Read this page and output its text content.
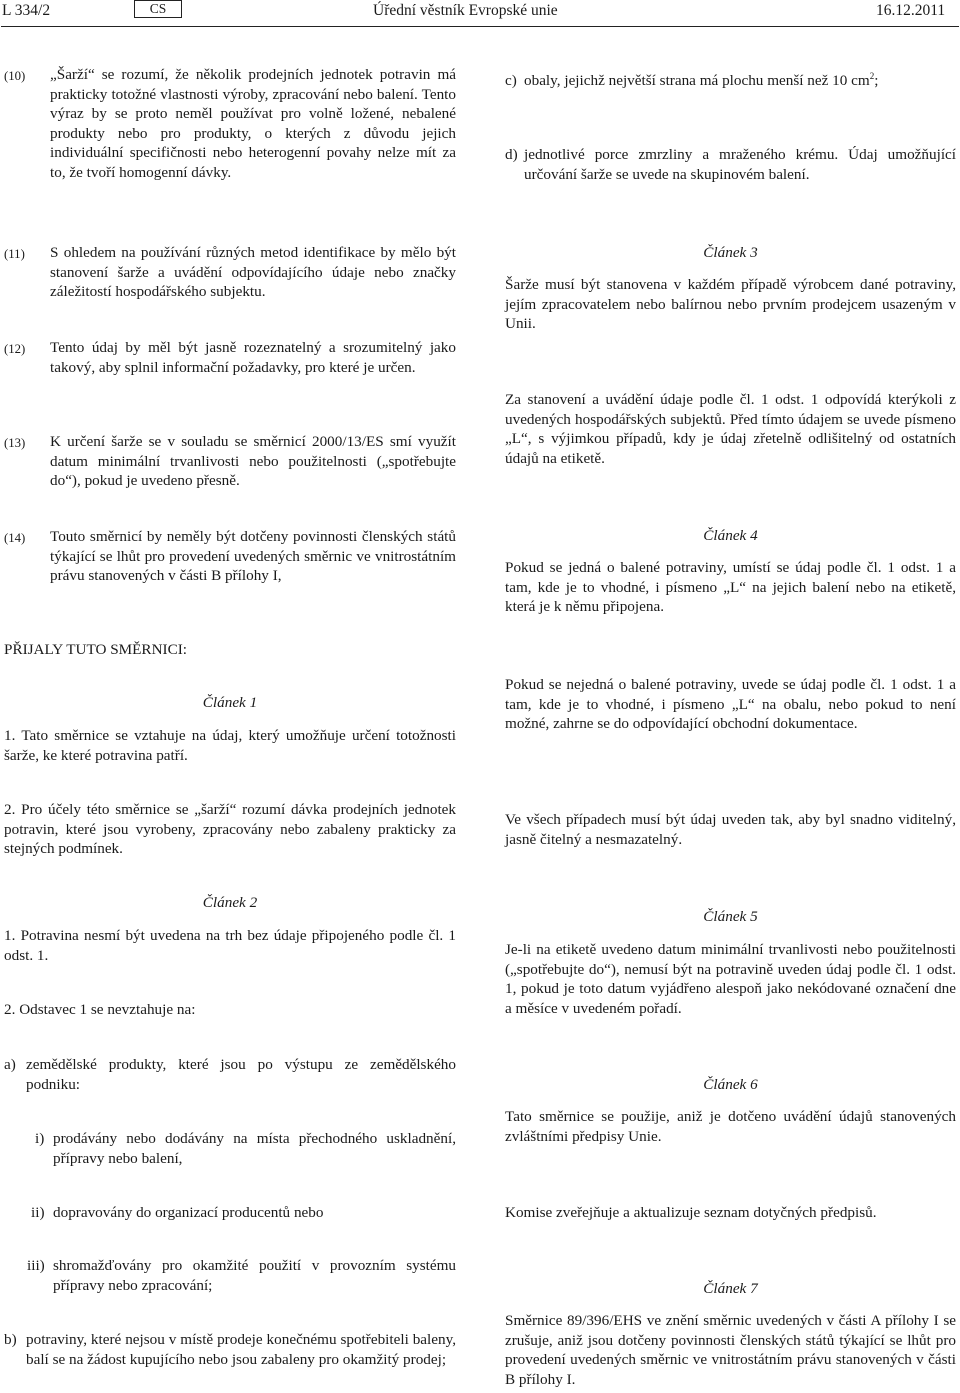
L 334/2	CS	Úřední věstník Evropské unie	16.12.2011
(10) „Šarží“ se rozumí, že několik prodejních jednotek potravin má prakticky totožné vlastnosti výroby, zpracování nebo balení. Tento výraz by se proto neměl používat pro volně ložené, nebalené produkty nebo pro produkty, o kterých z důvodu jejich individuální specifičnosti nebo heterogenní povahy nelze mít za to, že tvoří homogenní dávky.

(11) S ohledem na používání různých metod identifikace by mělo být stanovení šarže a uvádění odpovídajícího údaje nebo značky záležitostí hospodářského subjektu.

(12) Tento údaj by měl být jasně rozeznatelný a srozumitelný jako takový, aby splnil informační požadavky, pro které je určen.

(13) K určení šarže se v souladu se směrnicí 2000/13/ES smí využít datum minimální trvanlivosti nebo použitelnosti („spotřebujte do“), pokud je uvedeno přesně.

(14) Touto směrnicí by neměly být dotčeny povinnosti členských států týkající se lhůt pro provedení uvedených směrnic ve vnitrostátním právu stanovených v části B přílohy I,

PŘIJALY TUTO SMĚRNICI:

Článek 1

1. Tato směrnice se vztahuje na údaj, který umožňuje určení totožnosti šarže, ke které potravina patří.

2. Pro účely této směrnice se „šarží“ rozumí dávka prodejních jednotek potravin, které jsou vyrobeny, zpracovány nebo zabaleny prakticky za stejných podmínek.

Článek 2

1. Potravina nesmí být uvedena na trh bez údaje připojeného podle čl. 1 odst. 1.

2. Odstavec 1 se nevztahuje na:

a) zemědělské produkty, které jsou po výstupu ze zemědělského podniku:

i) prodávány nebo dodávány na místa přechodného uskladnění, přípravy nebo balení,

ii) dopravovány do organizací producentů nebo

iii) shromažďovány pro okamžité použití v provozním systému přípravy nebo zpracování;

b) potraviny, které nejsou v místě prodeje konečnému spotřebiteli baleny, balí se na žádost kupujícího nebo jsou zabaleny pro okamžitý prodej;

c) obaly, jejichž největší strana má plochu menší než 10 $cm^2$;

d) jednotlivé porce zmrzliny a mraženého krému. Údaj umožňující určování šarže se uvede na skupinovém balení.

Článek 3

Šarže musí být stanovena v každém případě výrobcem dané potraviny, jejím zpracovatelem nebo balírnou nebo prvním prodejcem usazeným v Unii.

Za stanovení a uvádění údaje podle čl. 1 odst. 1 odpovídá kterýkoli z uvedených hospodářských subjektů. Před tímto údajem se uvede písmeno „L“, s výjimkou případů, kdy je údaj zřetelně odlišitelný od ostatních údajů na etiketě.

Článek 4

Pokud se jedná o balené potraviny, umístí se údaj podle čl. 1 odst. 1 a tam, kde je to vhodné, i písmeno „L“ na jejich balení nebo na etiketě, která je k němu připojena.

Pokud se nejedná o balené potraviny, uvede se údaj podle čl. 1 odst. 1 a tam, kde je to vhodné, i písmeno „L“ na obalu, nebo pokud to není možné, zahrne se do odpovídající obchodní dokumentace.

Ve všech případech musí být údaj uveden tak, aby byl snadno viditelný, jasně čitelný a nesmazatelný.

Článek 5

Je-li na etiketě uvedeno datum minimální trvanlivosti nebo použitelnosti („spotřebujte do“), nemusí být na potravině uveden údaj podle čl. 1 odst. 1, pokud je toto datum vyjádřeno alespoň jako nekódované označení dne a měsíce v uvedeném pořadí.

Článek 6

Tato směrnice se použije, aniž je dotčeno uvádění údajů stanovených zvláštními předpisy Unie.

Komise zveřejňuje a aktualizuje seznam dotyčných předpisů.

Článek 7

Směrnice 89/396/EHS ve znění směrnic uvedených v části A přílohy I se zrušuje, aniž jsou dotčeny povinnosti členských států týkající se lhůt pro provedení uvedených směrnic ve vnitrostátním právu stanovených v části B přílohy I.
